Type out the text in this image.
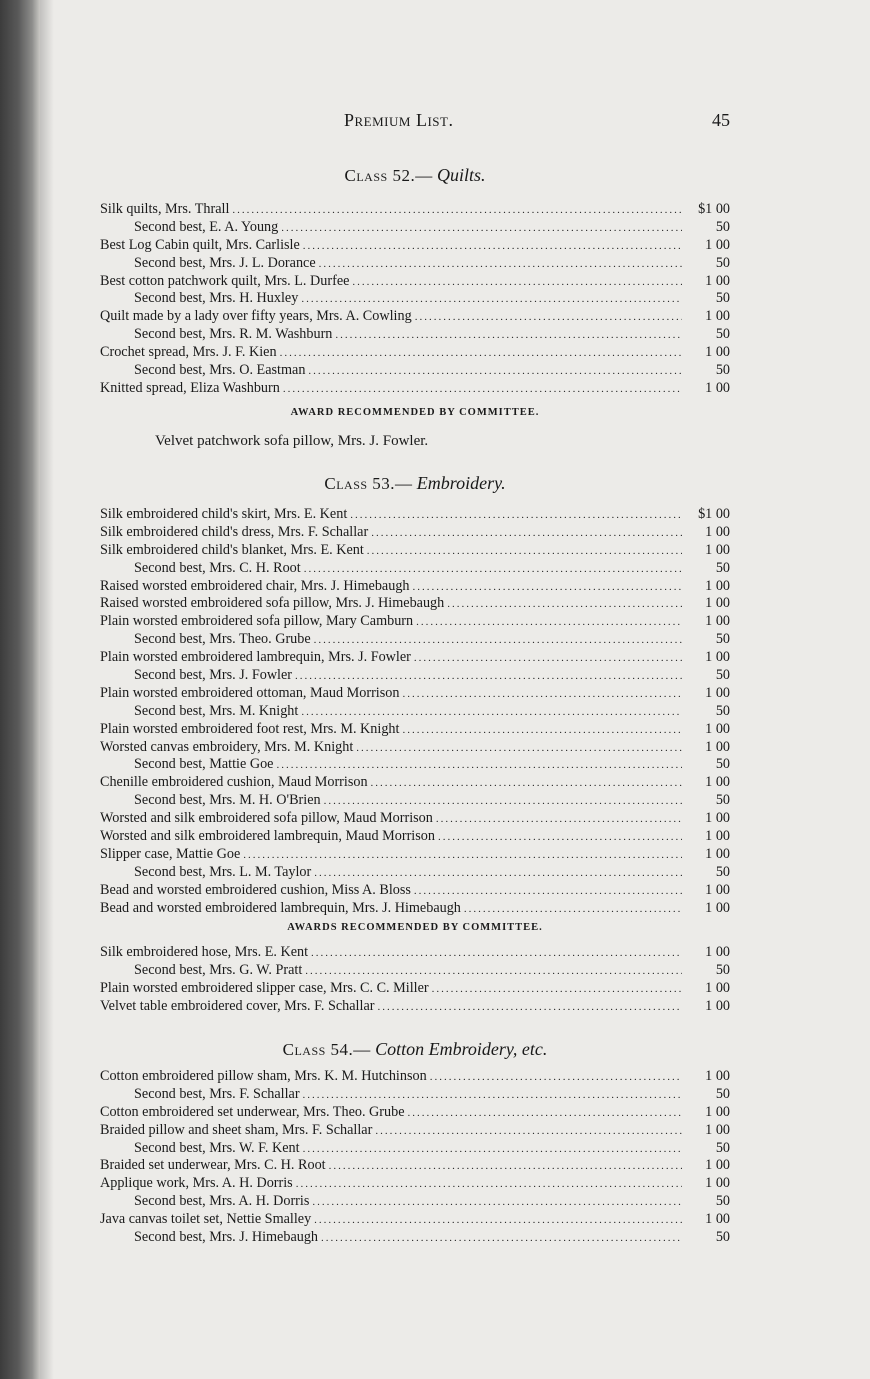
Premium List.	45
Class 52.— Quilts.
Silk quilts, Mrs. Thrall .....	$1 00
Second best, E. A. Young .....	50
Best Log Cabin quilt, Mrs. Carlisle .....	1 00
Second best, Mrs. J. L. Dorance .....	50
Best cotton patchwork quilt, Mrs. L. Durfee .....	1 00
Second best, Mrs. H. Huxley .....	50
Quilt made by a lady over fifty years, Mrs. A. Cowling .....	1 00
Second best, Mrs. R. M. Washburn .....	50
Crochet spread, Mrs. J. F. Kien .....	1 00
Second best, Mrs. O. Eastman .....	50
Knitted spread, Eliza Washburn .....	1 00
AWARD RECOMMENDED BY COMMITTEE.
Velvet patchwork sofa pillow, Mrs. J. Fowler.
Class 53.— Embroidery.
Silk embroidered child's skirt, Mrs. E. Kent .....	$1 00
Silk embroidered child's dress, Mrs. F. Schallar .....	1 00
Silk embroidered child's blanket, Mrs. E. Kent .....	1 00
Second best, Mrs. C. H. Root .....	50
Raised worsted embroidered chair, Mrs. J. Himebaugh .....	1 00
Raised worsted embroidered sofa pillow, Mrs. J. Himebaugh .....	1 00
Plain worsted embroidered sofa pillow, Mary Camburn .....	1 00
Second best, Mrs. Theo. Grube .....	50
Plain worsted embroidered lambrequin, Mrs. J. Fowler .....	1 00
Second best, Mrs. J. Fowler .....	50
Plain worsted embroidered ottoman, Maud Morrison .....	1 00
Second best, Mrs. M. Knight .....	50
Plain worsted embroidered foot rest, Mrs. M. Knight .....	1 00
Worsted canvas embroidery, Mrs. M. Knight .....	1 00
Second best, Mattie Goe .....	50
Chenille embroidered cushion, Maud Morrison .....	1 00
Second best, Mrs. M. H. O'Brien .....	50
Worsted and silk embroidered sofa pillow, Maud Morrison .....	1 00
Worsted and silk embroidered lambrequin, Maud Morrison .....	1 00
Slipper case, Mattie Goe .....	1 00
Second best, Mrs. L. M. Taylor .....	50
Bead and worsted embroidered cushion, Miss A. Bloss .....	1 00
Bead and worsted embroidered lambrequin, Mrs. J. Himebaugh .....	1 00
AWARDS RECOMMENDED BY COMMITTEE.
Silk embroidered hose, Mrs. E. Kent .....	1 00
Second best, Mrs. G. W. Pratt .....	50
Plain worsted embroidered slipper case, Mrs. C. C. Miller .....	1 00
Velvet table embroidered cover, Mrs. F. Schallar .....	1 00
Class 54.— Cotton Embroidery, etc.
Cotton embroidered pillow sham, Mrs. K. M. Hutchinson .....	1 00
Second best, Mrs. F. Schallar .....	50
Cotton embroidered set underwear, Mrs. Theo. Grube .....	1 00
Braided pillow and sheet sham, Mrs. F. Schallar .....	1 00
Second best, Mrs. W. F. Kent .....	50
Braided set underwear, Mrs. C. H. Root .....	1 00
Applique work, Mrs. A. H. Dorris .....	1 00
Second best, Mrs. A. H. Dorris .....	50
Java canvas toilet set, Nettie Smalley .....	1 00
Second best, Mrs. J. Himebaugh .....	50
